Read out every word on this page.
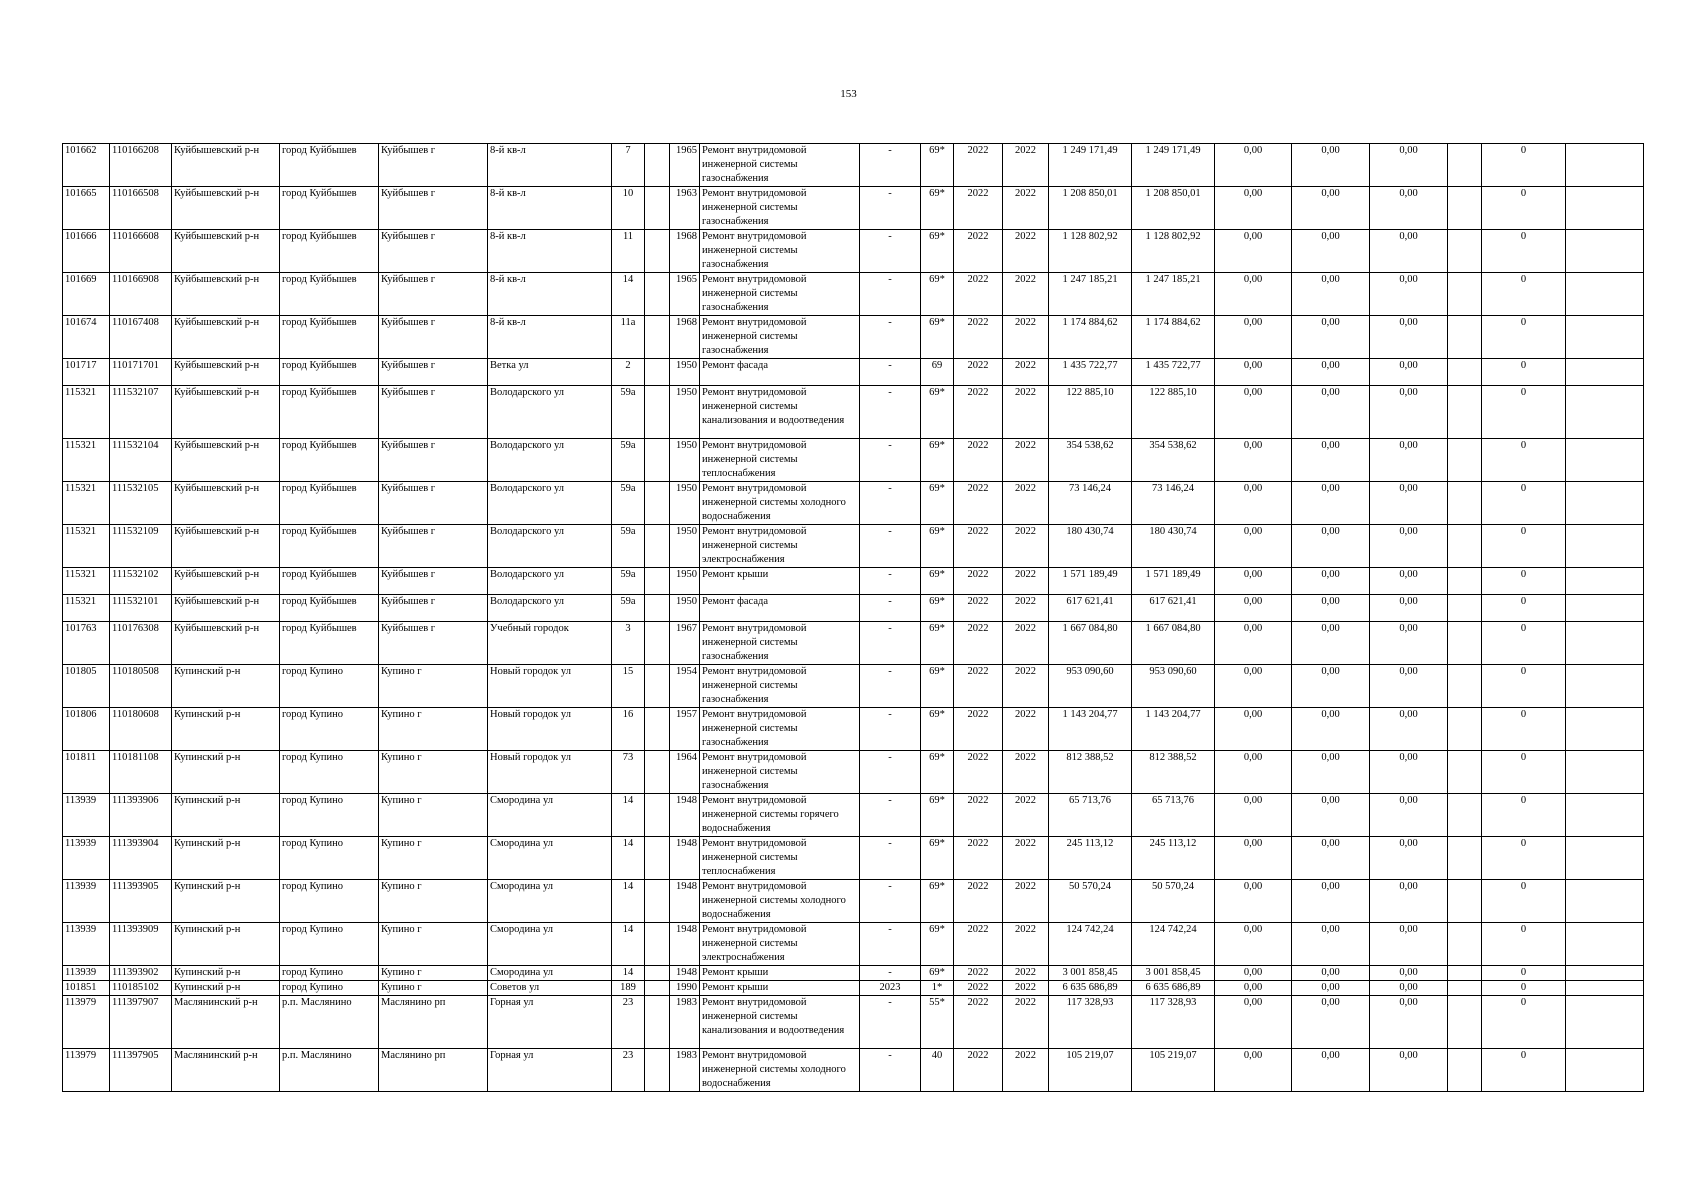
153
101662	110166208	Куйбышевский р-н	город Куйбышев	Куйбышев г	8-й кв-л	7		1965	Ремонт внутридомовой инженерной системы газоснабжения	-	69*	2022	2022	1 249 171,49	1 249 171,49	0,00	0,00	0,00		0	
101665	110166508	Куйбышевский р-н	город Куйбышев	Куйбышев г	8-й кв-л	10		1963	Ремонт внутридомовой инженерной системы газоснабжения	-	69*	2022	2022	1 208 850,01	1 208 850,01	0,00	0,00	0,00		0	
101666	110166608	Куйбышевский р-н	город Куйбышев	Куйбышев г	8-й кв-л	11		1968	Ремонт внутридомовой инженерной системы газоснабжения	-	69*	2022	2022	1 128 802,92	1 128 802,92	0,00	0,00	0,00		0	
101669	110166908	Куйбышевский р-н	город Куйбышев	Куйбышев г	8-й кв-л	14		1965	Ремонт внутридомовой инженерной системы газоснабжения	-	69*	2022	2022	1 247 185,21	1 247 185,21	0,00	0,00	0,00		0	
101674	110167408	Куйбышевский р-н	город Куйбышев	Куйбышев г	8-й кв-л	11а		1968	Ремонт внутридомовой инженерной системы газоснабжения	-	69*	2022	2022	1 174 884,62	1 174 884,62	0,00	0,00	0,00		0	
101717	110171701	Куйбышевский р-н	город Куйбышев	Куйбышев г	Ветка ул	2		1950	Ремонт фасада	-	69	2022	2022	1 435 722,77	1 435 722,77	0,00	0,00	0,00		0	
115321	111532107	Куйбышевский р-н	город Куйбышев	Куйбышев г	Володарского ул	59а		1950	Ремонт внутридомовой инженерной системы канализования и водоотведения	-	69*	2022	2022	122 885,10	122 885,10	0,00	0,00	0,00		0	
115321	111532104	Куйбышевский р-н	город Куйбышев	Куйбышев г	Володарского ул	59а		1950	Ремонт внутридомовой инженерной системы теплоснабжения	-	69*	2022	2022	354 538,62	354 538,62	0,00	0,00	0,00		0	
115321	111532105	Куйбышевский р-н	город Куйбышев	Куйбышев г	Володарского ул	59а		1950	Ремонт внутридомовой инженерной системы холодного водоснабжения	-	69*	2022	2022	73 146,24	73 146,24	0,00	0,00	0,00		0	
115321	111532109	Куйбышевский р-н	город Куйбышев	Куйбышев г	Володарского ул	59а		1950	Ремонт внутридомовой инженерной системы электроснабжения	-	69*	2022	2022	180 430,74	180 430,74	0,00	0,00	0,00		0	
115321	111532102	Куйбышевский р-н	город Куйбышев	Куйбышев г	Володарского ул	59а		1950	Ремонт крыши	-	69*	2022	2022	1 571 189,49	1 571 189,49	0,00	0,00	0,00		0	
115321	111532101	Куйбышевский р-н	город Куйбышев	Куйбышев г	Володарского ул	59а		1950	Ремонт фасада	-	69*	2022	2022	617 621,41	617 621,41	0,00	0,00	0,00		0	
101763	110176308	Куйбышевский р-н	город Куйбышев	Куйбышев г	Учебный городок	3		1967	Ремонт внутридомовой инженерной системы газоснабжения	-	69*	2022	2022	1 667 084,80	1 667 084,80	0,00	0,00	0,00		0	
101805	110180508	Купинский р-н	город Купино	Купино г	Новый городок ул	15		1954	Ремонт внутридомовой инженерной системы газоснабжения	-	69*	2022	2022	953 090,60	953 090,60	0,00	0,00	0,00		0	
101806	110180608	Купинский р-н	город Купино	Купино г	Новый городок ул	16		1957	Ремонт внутридомовой инженерной системы газоснабжения	-	69*	2022	2022	1 143 204,77	1 143 204,77	0,00	0,00	0,00		0	
101811	110181108	Купинский р-н	город Купино	Купино г	Новый городок ул	73		1964	Ремонт внутридомовой инженерной системы газоснабжения	-	69*	2022	2022	812 388,52	812 388,52	0,00	0,00	0,00		0	
113939	111393906	Купинский р-н	город Купино	Купино г	Смородина ул	14		1948	Ремонт внутридомовой инженерной системы горячего водоснабжения	-	69*	2022	2022	65 713,76	65 713,76	0,00	0,00	0,00		0	
113939	111393904	Купинский р-н	город Купино	Купино г	Смородина ул	14		1948	Ремонт внутридомовой инженерной системы теплоснабжения	-	69*	2022	2022	245 113,12	245 113,12	0,00	0,00	0,00		0	
113939	111393905	Купинский р-н	город Купино	Купино г	Смородина ул	14		1948	Ремонт внутридомовой инженерной системы холодного водоснабжения	-	69*	2022	2022	50 570,24	50 570,24	0,00	0,00	0,00		0	
113939	111393909	Купинский р-н	город Купино	Купино г	Смородина ул	14		1948	Ремонт внутридомовой инженерной системы электроснабжения	-	69*	2022	2022	124 742,24	124 742,24	0,00	0,00	0,00		0	
113939	111393902	Купинский р-н	город Купино	Купино г	Смородина ул	14		1948	Ремонт крыши	-	69*	2022	2022	3 001 858,45	3 001 858,45	0,00	0,00	0,00		0	
101851	110185102	Купинский р-н	город Купино	Купино г	Советов ул	189		1990	Ремонт крыши	2023	1*	2022	2022	6 635 686,89	6 635 686,89	0,00	0,00	0,00		0	
113979	111397907	Маслянинский р-н	р.п. Маслянино	Маслянино рп	Горная ул	23		1983	Ремонт внутридомовой инженерной системы канализования и водоотведения	-	55*	2022	2022	117 328,93	117 328,93	0,00	0,00	0,00		0	
113979	111397905	Маслянинский р-н	р.п. Маслянино	Маслянино рп	Горная ул	23		1983	Ремонт внутридомовой инженерной системы холодного водоснабжения	-	40	2022	2022	105 219,07	105 219,07	0,00	0,00	0,00		0	
